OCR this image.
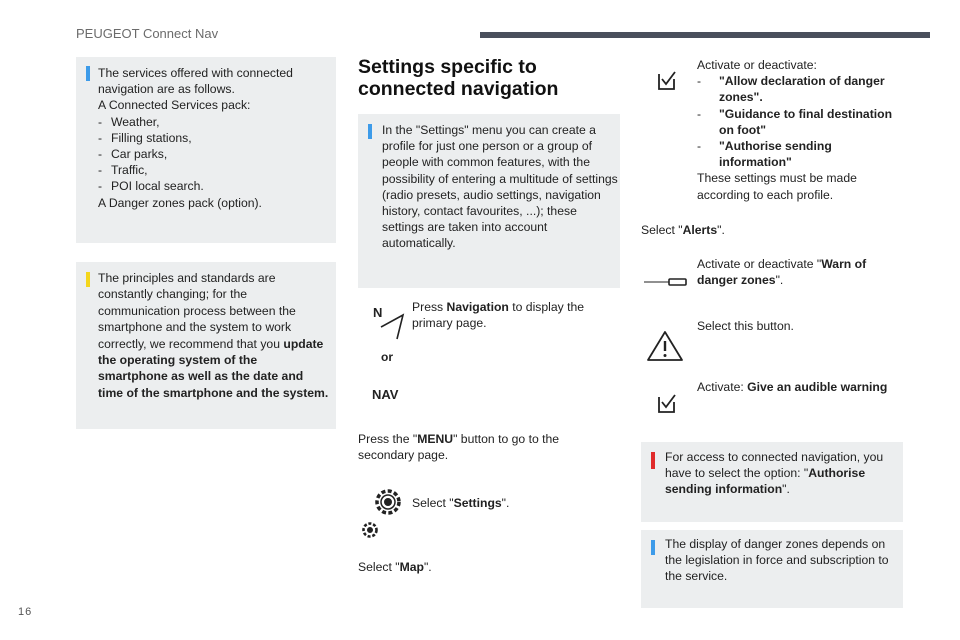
PEUGEOT Connect Nav
16

The services offered with connected navigation are as follows.

A Connected Services pack:

- Weather,
- Filling stations,
- Car parks,
- Traffic,
- POI local search.

A Danger zones pack (option).

The principles and standards are constantly changing; for the communication process between the smartphone and the system to work correctly, we recommend that you update the operating system of the smartphone as well as the date and time of the smartphone and the system.
Settings specific to connected navigation
In the "Settings" menu you can create a profile for just one person or a group of people with common features, with the possibility of entering a multitude of settings (radio presets, audio settings, navigation history, contact favourites, ...); these settings are taken into account automatically.
N
or
NAV
Press Navigation to display the primary page.
Press the "MENU" button to go to the secondary page.
Select "Settings".
Select "Map".

Activate or deactivate:

-	"Allow declaration of danger zones".
-	"Guidance to final destination on foot"
-	"Authorise sending information"

These settings must be made according to each profile.

Select "Alerts".
Activate or deactivate "Warn of danger zones".
Select this button.
Activate: Give an audible warning
For access to connected navigation, you have to select the option: "Authorise sending information".
The display of danger zones depends on the legislation in force and subscription to the service.
